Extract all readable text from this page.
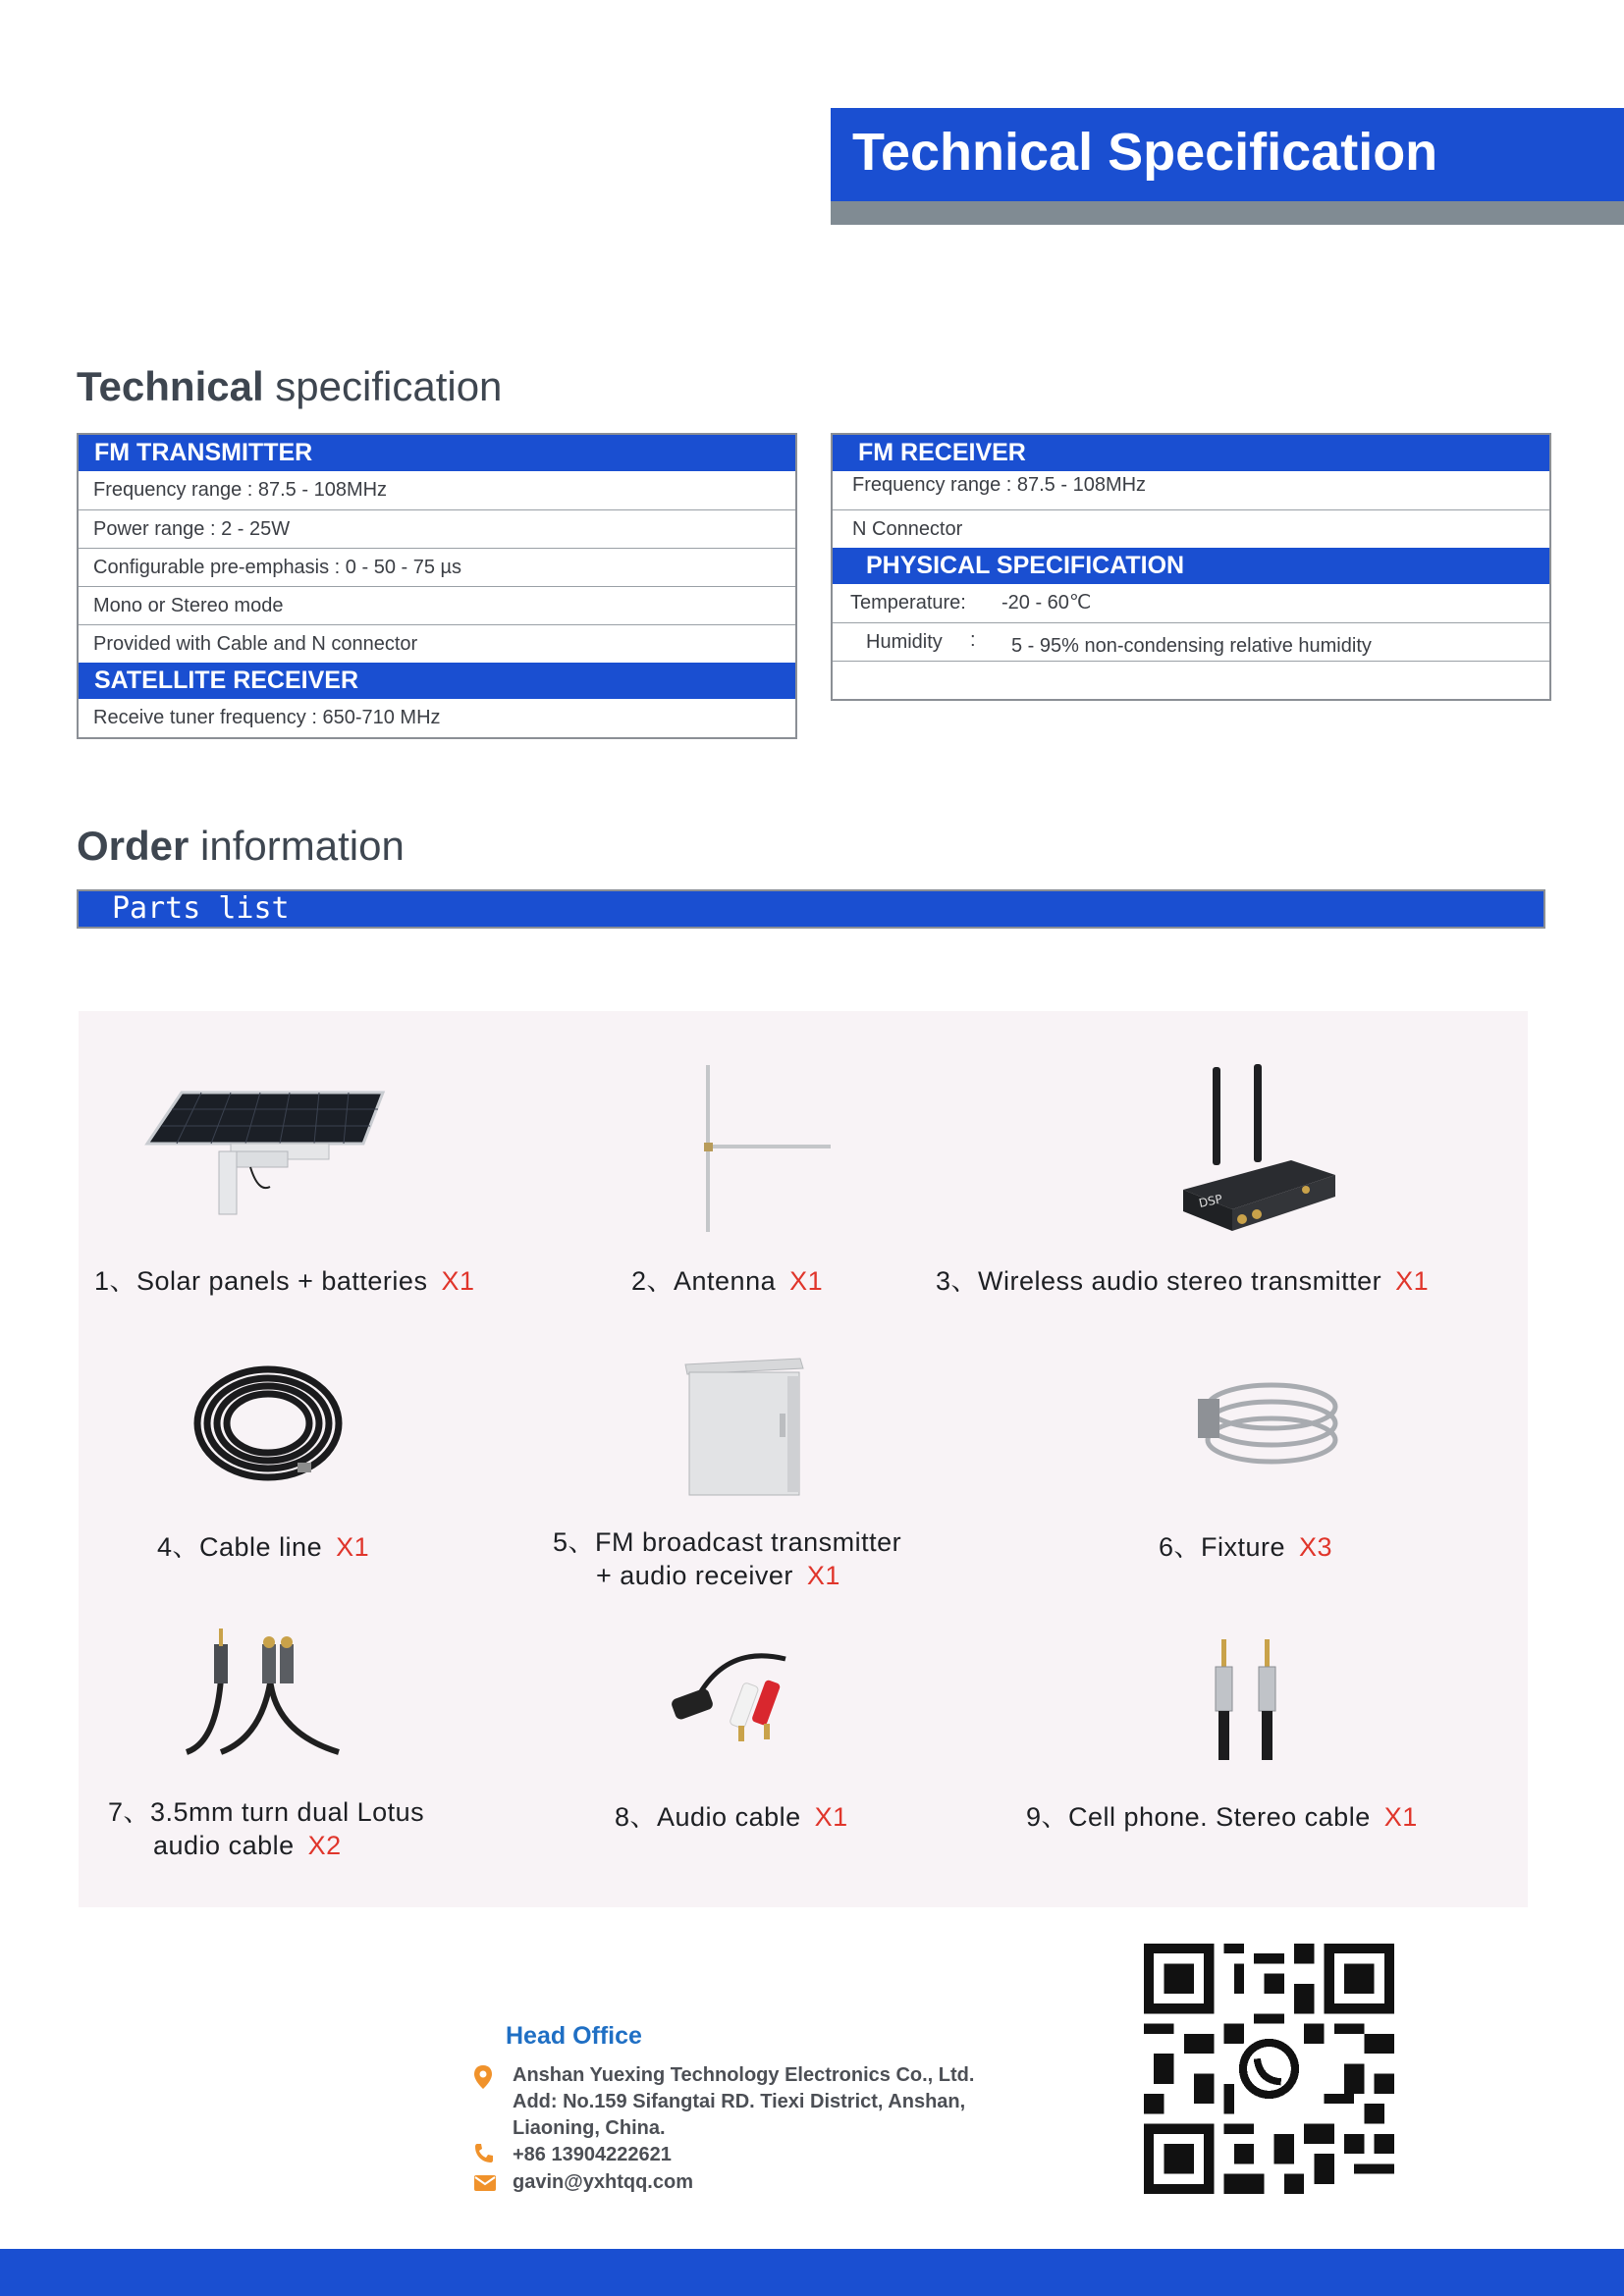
Technical Specification
Technical specification
FM TRANSMITTER
Frequency range : 87.5 - 108MHz
Power range : 2 - 25W
Configurable pre-emphasis : 0 - 50 - 75 µs
Mono or Stereo mode
Provided with Cable and N connector
SATELLITE RECEIVER
Receive tuner frequency : 650-710 MHz
FM RECEIVER
Frequency range : 87.5 - 108MHz
N Connector
PHYSICAL SPECIFICATION
Temperature: -20 - 60℃
Humidity : 5 - 95% non-condensing relative humidity
Order information
Parts list
DSP
1、Solar panels + batteries X1	2、Antenna X1	3、Wireless audio stereo transmitter X1
4、Cable line X1	5、FM broadcast transmitter
+ audio receiver X1
6、Fixture X3
7、3.5mm turn dual Lotus
audio cable X2
8、Audio cable X1	9、Cell phone. Stereo cable X1
Head Office
Anshan Yuexing Technology Electronics Co., Ltd.
Add: No.159 Sifangtai RD. Tiexi District, Anshan,
Liaoning, China.
+86 13904222621
gavin@yxhtqq.com
